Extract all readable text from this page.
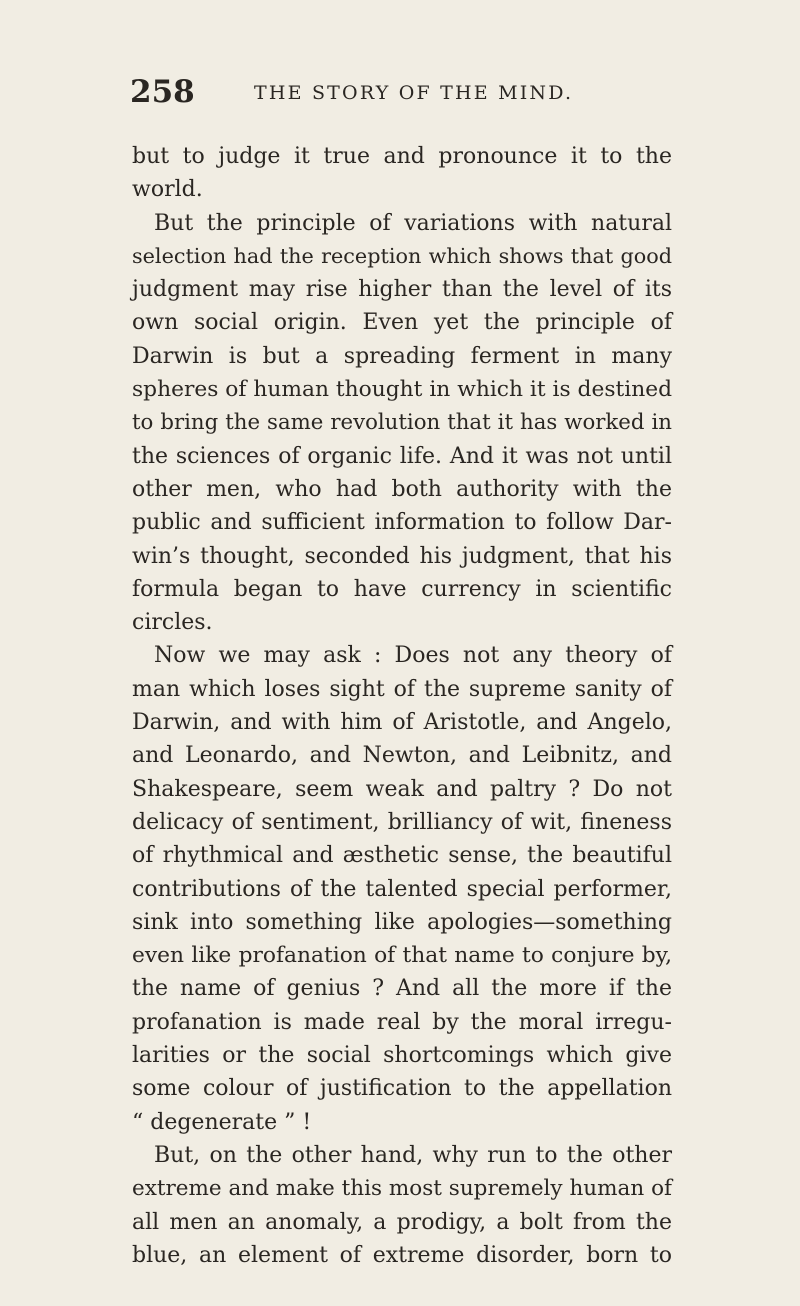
258	THE STORY OF THE MIND.
but to judge it true and pronounce it to the
world.
But the principle of variations with natural
selection had the reception which shows that good
judgment may rise higher than the level of its
own social origin. Even yet the principle of
Darwin is but a spreading ferment in many
spheres of human thought in which it is destined
to bring the same revolution that it has worked in
the sciences of organic life. And it was not until
other men, who had both authority with the
public and sufficient information to follow Dar-
win’s thought, seconded his judgment, that his
formula began to have currency in scientific
circles.
Now we may ask : Does not any theory of
man which loses sight of the supreme sanity of
Darwin, and with him of Aristotle, and Angelo,
and Leonardo, and Newton, and Leibnitz, and
Shakespeare, seem weak and paltry ? Do not
delicacy of sentiment, brilliancy of wit, fineness
of rhythmical and æsthetic sense, the beautiful
contributions of the talented special performer,
sink into something like apologies—something
even like profanation of that name to conjure by,
the name of genius ? And all the more if the
profanation is made real by the moral irregu-
larities or the social shortcomings which give
some colour of justification to the appellation
“ degenerate ” !
But, on the other hand, why run to the other
extreme and make this most supremely human of
all men an anomaly, a prodigy, a bolt from the
blue, an element of extreme disorder, born to
